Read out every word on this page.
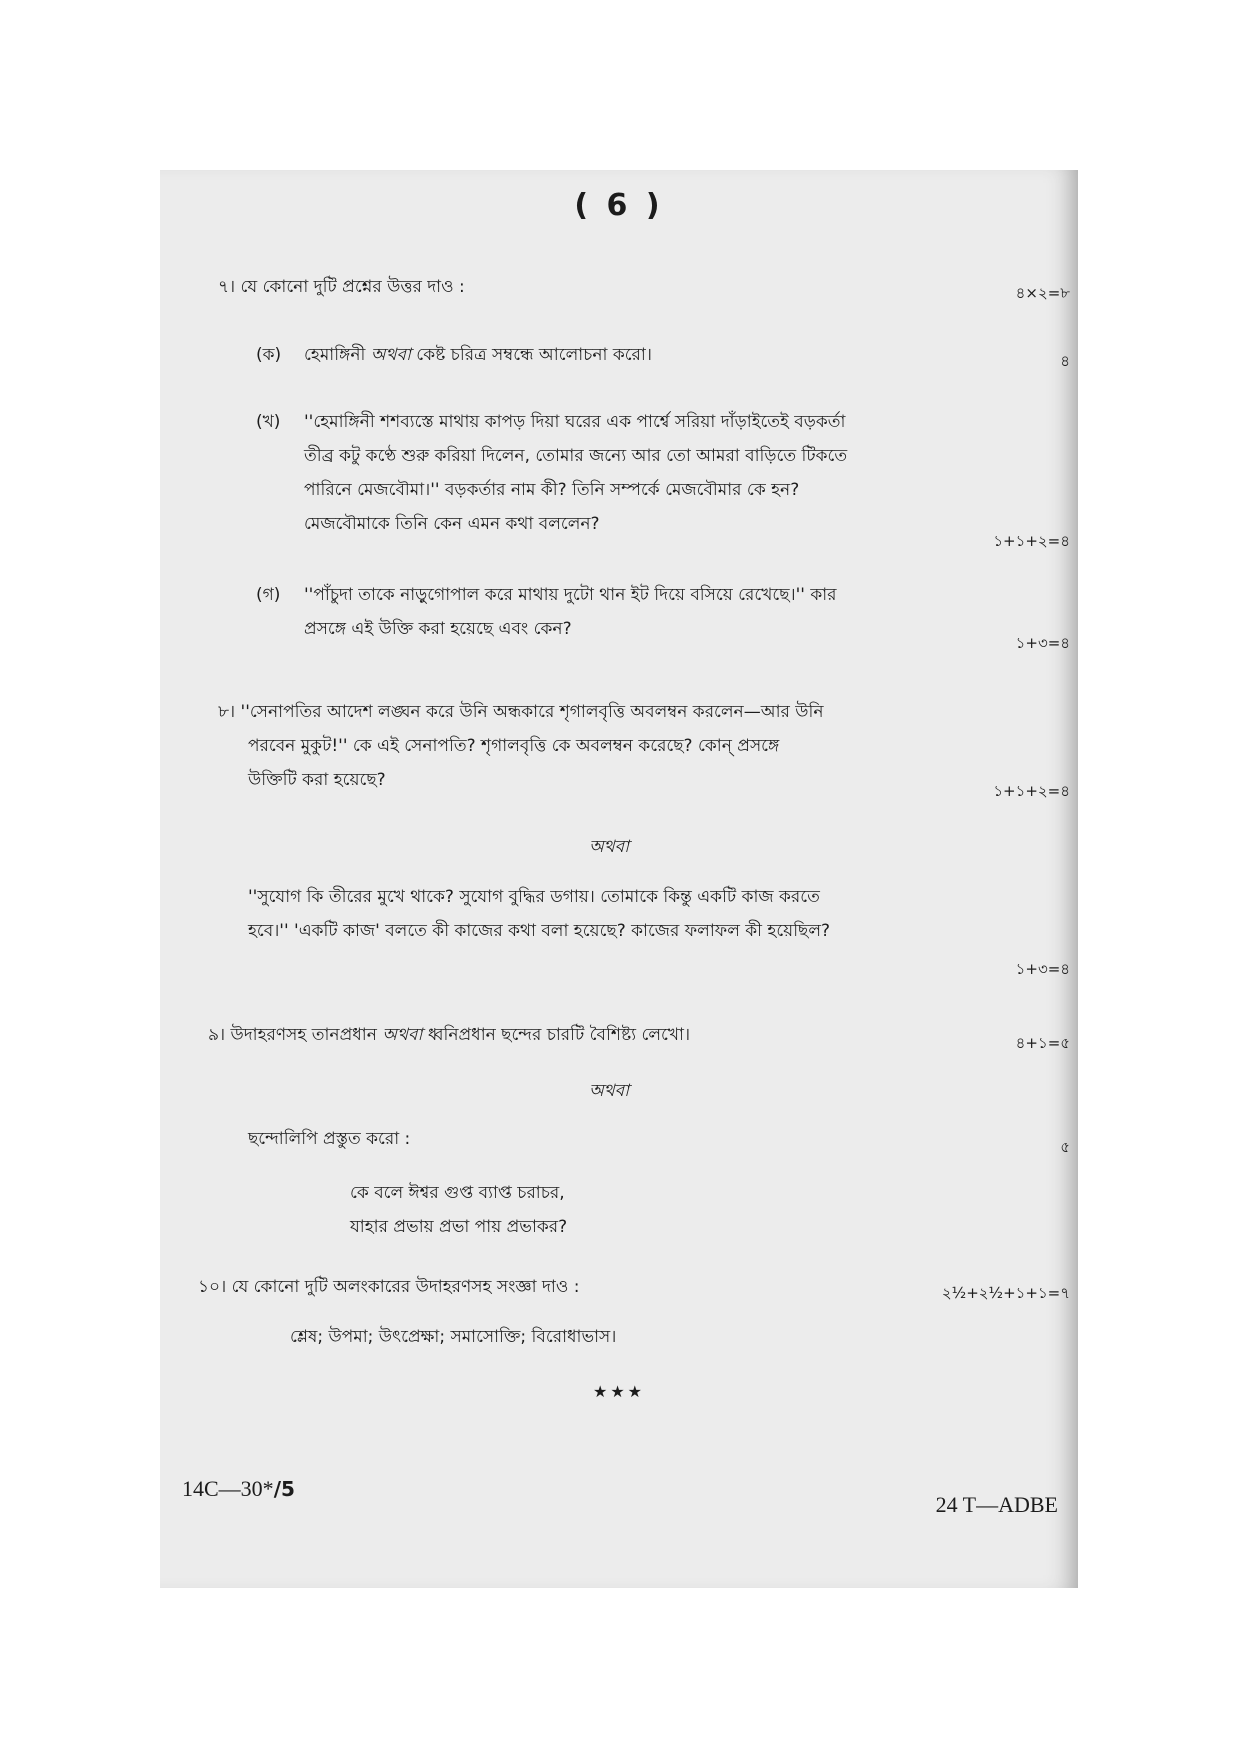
( 6 )
৭। যে কোনো দুটি প্রশ্নের উত্তর দাও :	৪×২=৮
(ক) হেমাঙ্গিনী অথবা কেষ্ট চরিত্র সম্বন্ধে আলোচনা করো।	৪
(খ) ''হেমাঙ্গিনী শশব্যস্তে মাথায় কাপড় দিয়া ঘরের এক পার্শ্বে সরিয়া দাঁড়াইতেই বড়কর্তা
তীব্র কটু কণ্ঠে শুরু করিয়া দিলেন, তোমার জন্যে আর তো আমরা বাড়িতে টিকতে
পারিনে মেজবৌমা।'' বড়কর্তার নাম কী? তিনি সম্পর্কে মেজবৌমার কে হন?
মেজবৌমাকে তিনি কেন এমন কথা বললেন?
১+১+২=৪
(গ) ''পাঁচুদা তাকে নাড়ুগোপাল করে মাথায় দুটো থান ইট দিয়ে বসিয়ে রেখেছে।'' কার
প্রসঙ্গে এই উক্তি করা হয়েছে এবং কেন?
১+৩=৪
৮। ''সেনাপতির আদেশ লঙ্ঘন করে উনি অন্ধকারে শৃগালবৃত্তি অবলম্বন করলেন—আর উনি
পরবেন মুকুট!'' কে এই সেনাপতি? শৃগালবৃত্তি কে অবলম্বন করেছে? কোন্ প্রসঙ্গে
উক্তিটি করা হয়েছে?
১+১+২=৪
অথবা
''সুযোগ কি তীরের মুখে থাকে? সুযোগ বুদ্ধির ডগায়। তোমাকে কিন্তু একটি কাজ করতে
হবে।'' 'একটি কাজ' বলতে কী কাজের কথা বলা হয়েছে? কাজের ফলাফল কী হয়েছিল?
১+৩=৪
৯। উদাহরণসহ তানপ্রধান অথবা ধ্বনিপ্রধান ছন্দের চারটি বৈশিষ্ট্য লেখো।	৪+১=৫
অথবা
ছন্দোলিপি প্রস্তুত করো :	৫
কে বলে ঈশ্বর গুপ্ত ব্যাপ্ত চরাচর,
যাহার প্রভায় প্রভা পায় প্রভাকর?
১০। যে কোনো দুটি অলংকারের উদাহরণসহ সংজ্ঞা দাও :	২½+২½+১+১=৭
শ্লেষ; উপমা; উৎপ্রেক্ষা; সমাসোক্তি; বিরোধাভাস।
★★★
14C—30*/5
24 T—ADBE
